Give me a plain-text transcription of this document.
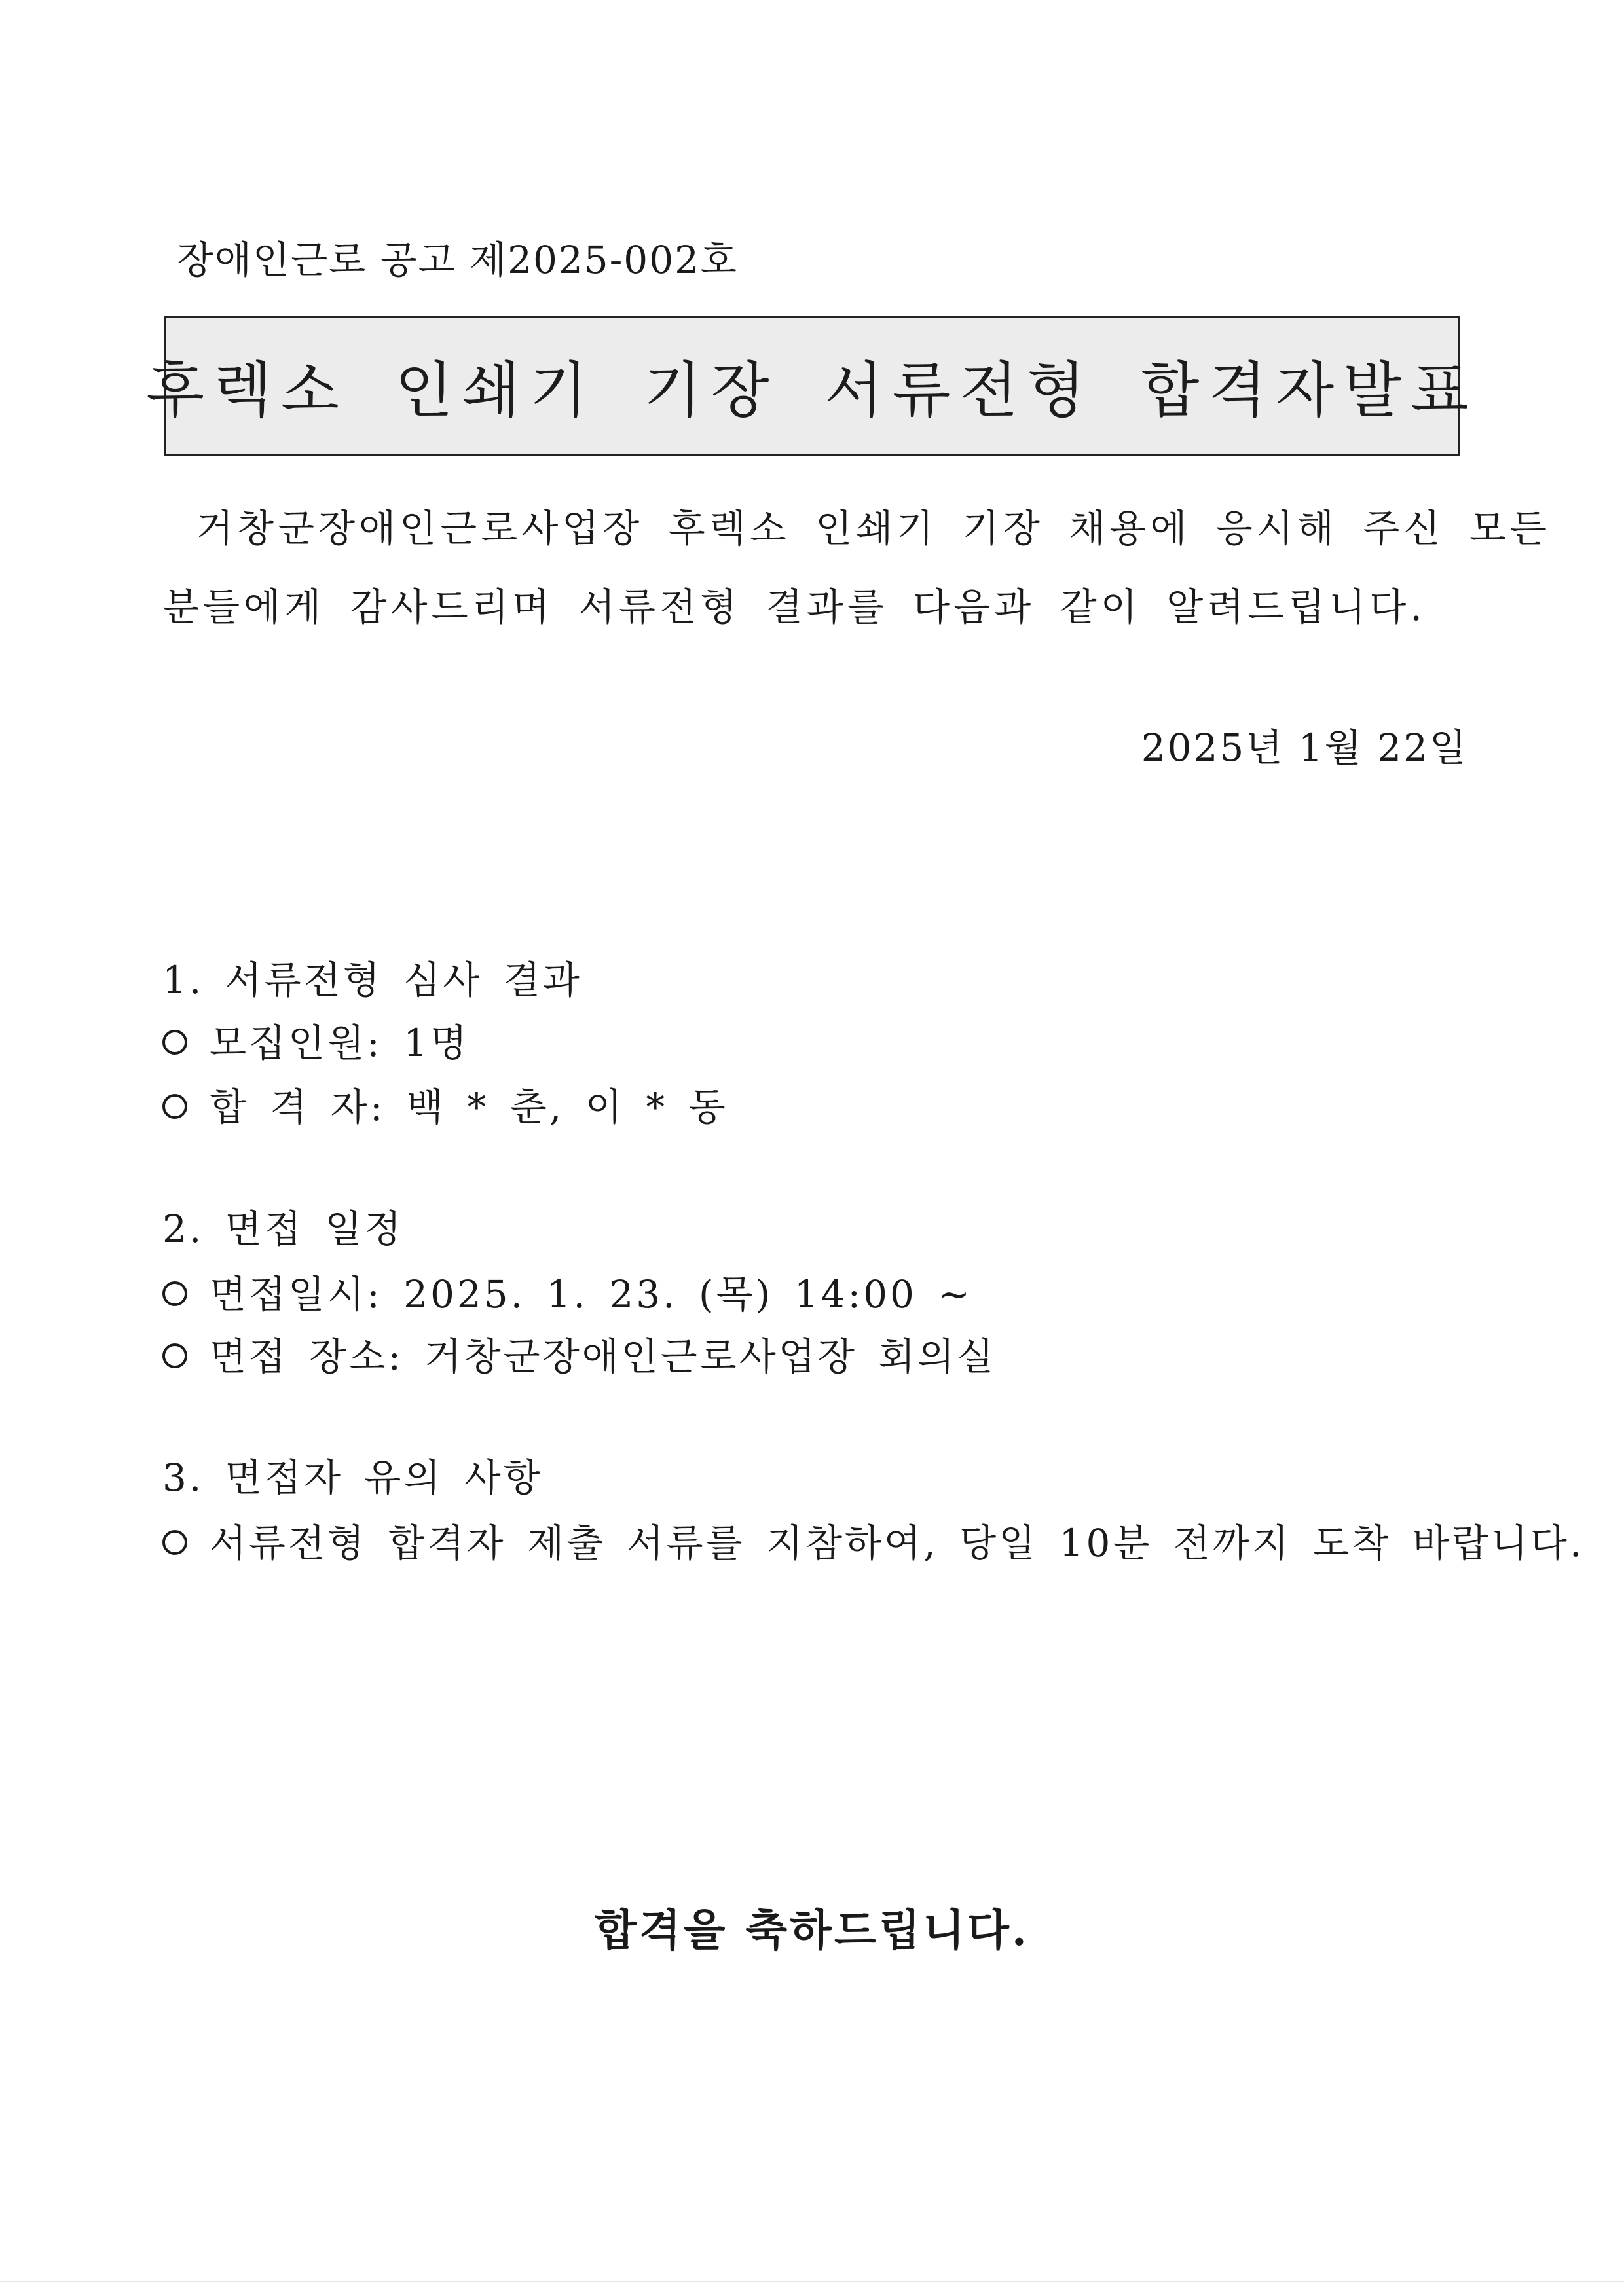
장애인근로 공고 제2025-002호
후렉소 인쇄기 기장 서류전형 합격자발표
거창군장애인근로사업장 후렉소 인쇄기 기장 채용에 응시해 주신 모든
분들에게 감사드리며 서류전형 결과를 다음과 같이 알려드립니다.
2025년 1월 22일
1. 서류전형 심사 결과
모집인원: 1명
합 격 자: 백 * 춘, 이 * 동
2. 면접 일정
면접일시: 2025. 1. 23. (목) 14:00 ~
면접 장소: 거창군장애인근로사업장 회의실
3. 면접자 유의 사항
서류전형 합격자 제출 서류를 지참하여, 당일 10분 전까지 도착 바랍니다.
합격을 축하드립니다.
